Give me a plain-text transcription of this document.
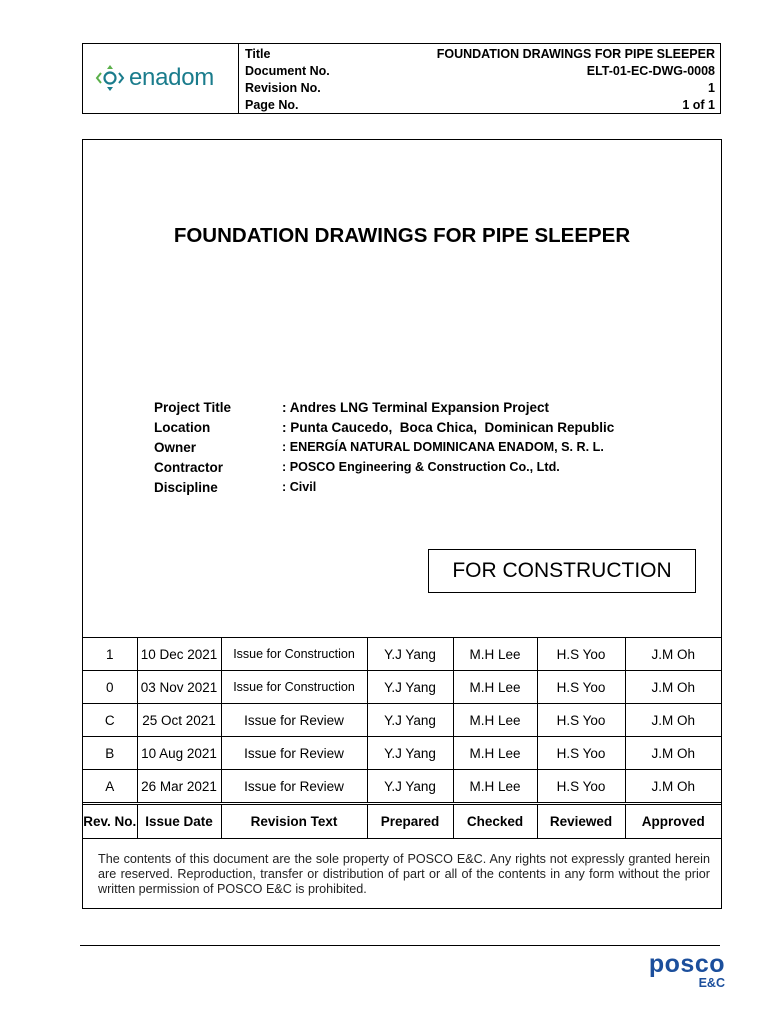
enadom
Title	FOUNDATION DRAWINGS FOR PIPE SLEEPER
Document No.	ELT-01-EC-DWG-0008
Revision No.	1
Page No.	1 of 1
FOUNDATION DRAWINGS FOR PIPE SLEEPER
Project Title	: Andres LNG Terminal Expansion Project
Location	: Punta Caucedo,  Boca Chica,  Dominican Republic
Owner	: ENERGÍA NATURAL DOMINICANA ENADOM, S. R. L.
Contractor	: POSCO Engineering & Construction Co., Ltd.
Discipline	: Civil
FOR CONSTRUCTION
1	10 Dec 2021	Issue for Construction	Y.J Yang	M.H Lee	H.S Yoo	J.M Oh
0	03 Nov 2021	Issue for Construction	Y.J Yang	M.H Lee	H.S Yoo	J.M Oh
C	25 Oct 2021	Issue for Review	Y.J Yang	M.H Lee	H.S Yoo	J.M Oh
B	10 Aug 2021	Issue for Review	Y.J Yang	M.H Lee	H.S Yoo	J.M Oh
A	26 Mar 2021	Issue for Review	Y.J Yang	M.H Lee	H.S Yoo	J.M Oh
Rev. No.	Issue Date	Revision Text	Prepared	Checked	Reviewed	Approved
The contents of this document are the sole property of POSCO E&C. Any rights not expressly granted herein are reserved. Reproduction, transfer or distribution of part or all of the contents in any form without the prior written permission of POSCO E&C is prohibited.
posco
E&C
